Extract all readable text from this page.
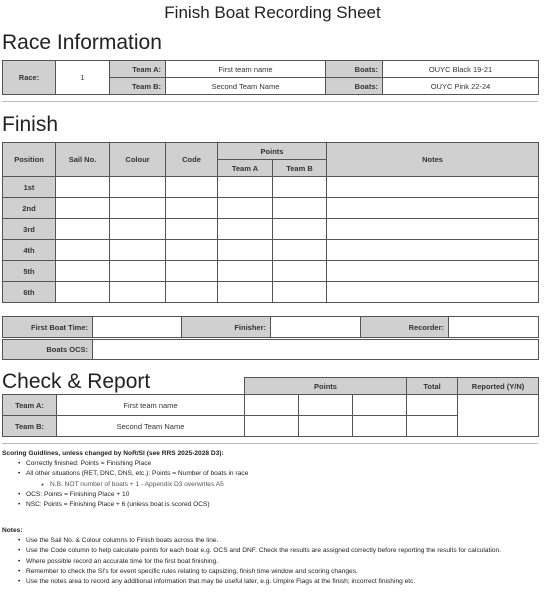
Finish Boat Recording Sheet
Race Information
Race:	1	Team A:	First team name	Boats:	OUYC Black 19-21
		Team B:	Second Team Name	Boats:	OUYC Pink 22-24
Finish
Position	Sail No.	Colour	Code	Points		Notes
				Team A	Team B	
1st						
2nd						
3rd						
4th						
5th						
6th						
First Boat Time:		Finisher:		Recorder:	
Boats OCS:	
Check & Report
		Points			Total	Reported (Y/N)
Team A:	First team name					
Team B:	Second Team Name					
Scoring Guidlines, unless changed by NoR/SI (see RRS 2025-2028 D3):
• Correctly finished: Points = Finishing Place
• All other situations (RET, DNC, DNS, etc.): Points = Number of boats in race
● N.B. NOT number of boats + 1 - Appendix D3 overwrites A5
• OCS: Points = Finishing Place + 10
• NSC: Points = Finishing Place + 6 (unless boat is scored OCS)
Notes:
• Use the Sail No. & Colour columns to Finish boats across the line.
• Use the Code column to help calculate points for each boat e.g. OCS and DNF. Check the results are assigned correctly before reporting the results for calculation.
• Where possible record an accurate time for the first boat finishing.
• Remember to check the SI's for event specific rules relating to capsizing, finish time window and scoring changes.
• Use the notes area to record any additional information that may be useful later, e.g. Umpire Flags at the finish; incorrect finishing etc.
